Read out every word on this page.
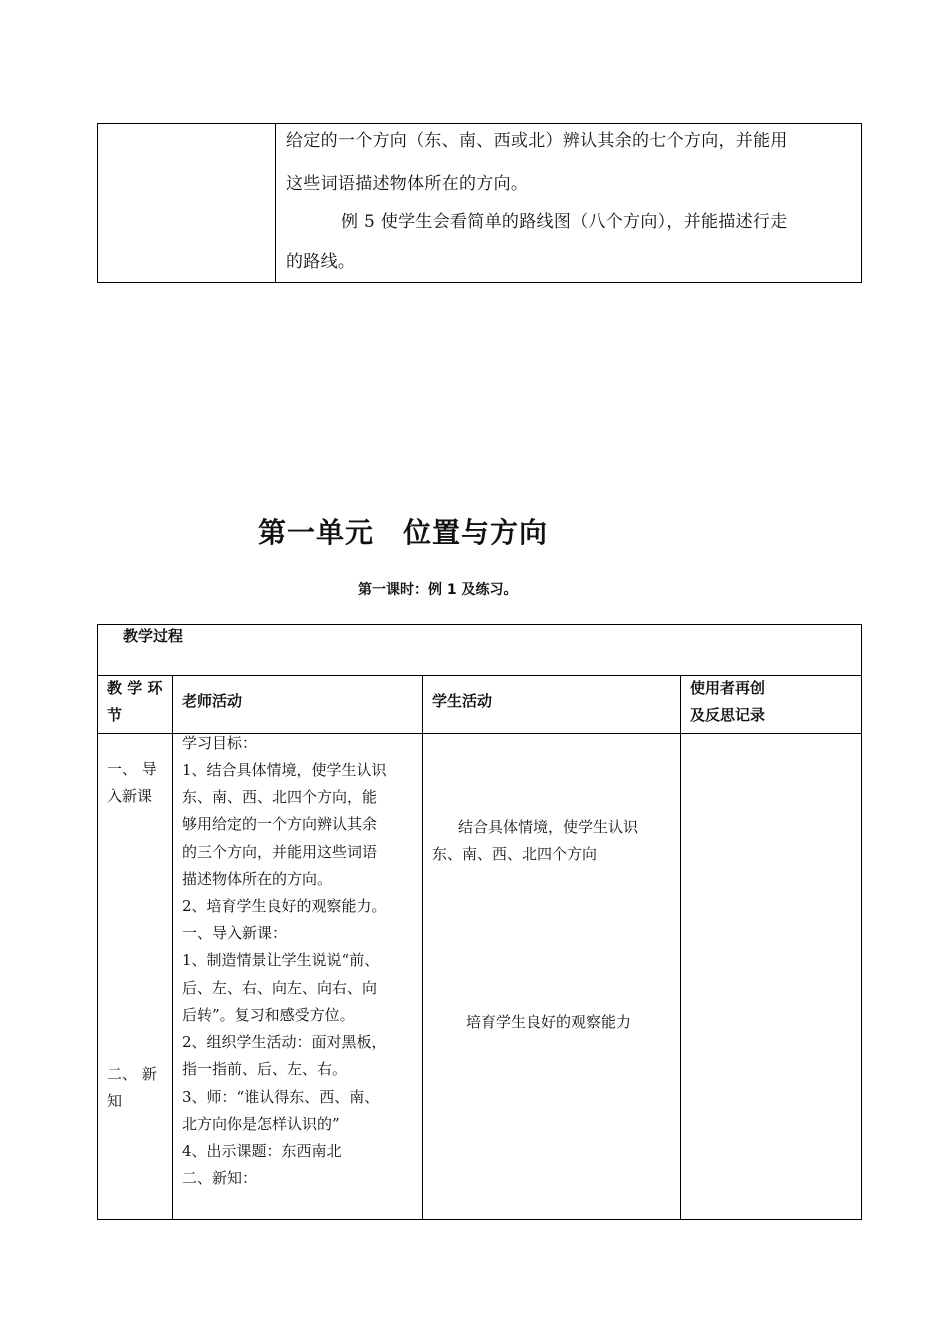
给定的一个方向（东、南、西或北）辨认其余的七个方向，并能用
这些词语描述物体所在的方向。
例 5 使学生会看简单的路线图（八个方向），并能描述行走
的路线。
第一单元　位置与方向
第一课时：例 1 及练习。
教学过程
教 学 环
节
老师活动	学生活动
使用者再创
及反思记录
一、 导
入新课
二、 新
知
学习目标：
1、结合具体情境，使学生认识
东、南、西、北四个方向，能
够用给定的一个方向辨认其余
的三个方向，并能用这些词语
描述物体所在的方向。
2、培育学生良好的观察能力。
一、导入新课：
1、制造情景让学生说说“前、
后、左、右、向左、向右、向
后转”。复习和感受方位。
2、组织学生活动：面对黑板，
指一指前、后、左、右。
3、师：“谁认得东、西、南、
北方向你是怎样认识的”
4、出示课题：东西南北
二、新知：
结合具体情境，使学生认识
东、南、西、北四个方向
培育学生良好的观察能力
